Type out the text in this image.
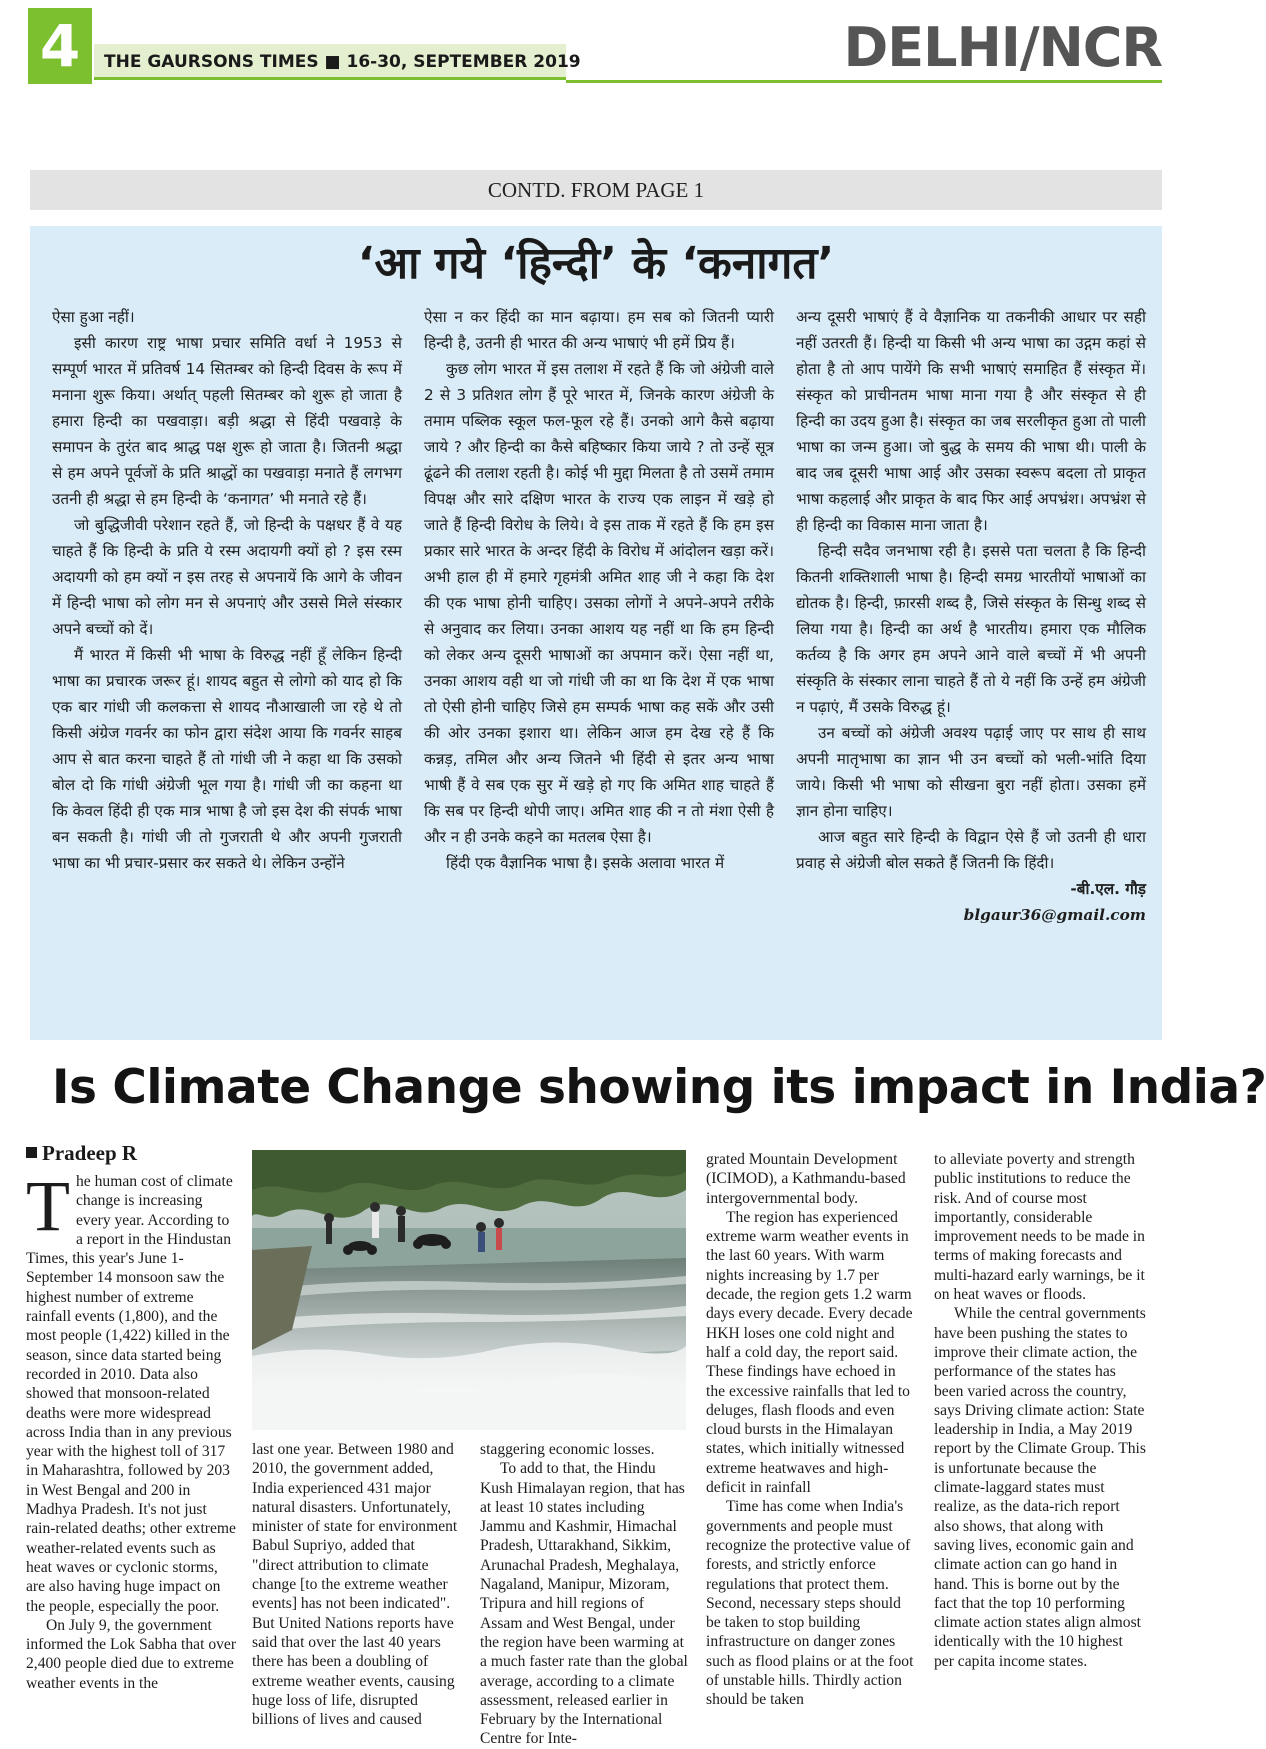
4	THE GAURSONS TIMES ■ 16-30, SEPTEMBER 2019	DELHI/NCR
CONTD. FROM PAGE 1
‘आ गये ‘हिन्दी’ के ‘कनागत’

ऐसा हुआ नहीं।

इसी कारण राष्ट्र भाषा प्रचार समिति वर्धा ने 1953 से सम्पूर्ण भारत में प्रतिवर्ष 14 सितम्बर को हिन्दी दिवस के रूप में मनाना शुरू किया। अर्थात् पहली सितम्बर को शुरू हो जाता है हमारा हिन्दी का पखवाड़ा। बड़ी श्रद्धा से हिंदी पखवाड़े के समापन के तुरंत बाद श्राद्ध पक्ष शुरू हो जाता है। जितनी श्रद्धा से हम अपने पूर्वजों के प्रति श्राद्धों का पखवाड़ा मनाते हैं लगभग उतनी ही श्रद्धा से हम हिन्दी के ‘कनागत’ भी मनाते रहे हैं।

जो बुद्धिजीवी परेशान रहते हैं, जो हिन्दी के पक्षधर हैं वे यह चाहते हैं कि हिन्दी के प्रति ये रस्म अदायगी क्यों हो ? इस रस्म अदायगी को हम क्यों न इस तरह से अपनायें कि आगे के जीवन में हिन्दी भाषा को लोग मन से अपनाएं और उससे मिले संस्कार अपने बच्चों को दें।

मैं भारत में किसी भी भाषा के विरुद्ध नहीं हूँ लेकिन हिन्दी भाषा का प्रचारक जरूर हूं। शायद बहुत से लोगो को याद हो कि एक बार गांधी जी कलकत्ता से शायद नौआखाली जा रहे थे तो किसी अंग्रेज गवर्नर का फोन द्वारा संदेश आया कि गवर्नर साहब आप से बात करना चाहते हैं तो गांधी जी ने कहा था कि उसको बोल दो कि गांधी अंग्रेजी भूल गया है। गांधी जी का कहना था कि केवल हिंदी ही एक मात्र भाषा है जो इस देश की संपर्क भाषा बन सकती है। गांधी जी तो गुजराती थे और अपनी गुजराती भाषा का भी प्रचार-प्रसार कर सकते थे। लेकिन उन्होंने

ऐसा न कर हिंदी का मान बढ़ाया। हम सब को जितनी प्यारी हिन्दी है, उतनी ही भारत की अन्य भाषाएं भी हमें प्रिय हैं।

कुछ लोग भारत में इस तलाश में रहते हैं कि जो अंग्रेजी वाले 2 से 3 प्रतिशत लोग हैं पूरे भारत में, जिनके कारण अंग्रेजी के तमाम पब्लिक स्कूल फल-फूल रहे हैं। उनको आगे कैसे बढ़ाया जाये ? और हिन्दी का कैसे बहिष्कार किया जाये ? तो उन्हें सूत्र ढूंढने की तलाश रहती है। कोई भी मुद्दा मिलता है तो उसमें तमाम विपक्ष और सारे दक्षिण भारत के राज्य एक लाइन में खड़े हो जाते हैं हिन्दी विरोध के लिये। वे इस ताक में रहते हैं कि हम इस प्रकार सारे भारत के अन्दर हिंदी के विरोध में आंदोलन खड़ा करें। अभी हाल ही में हमारे गृहमंत्री अमित शाह जी ने कहा कि देश की एक भाषा होनी चाहिए। उसका लोगों ने अपने-अपने तरीके से अनुवाद कर लिया। उनका आशय यह नहीं था कि हम हिन्दी को लेकर अन्य दूसरी भाषाओं का अपमान करें। ऐसा नहीं था, उनका आशय वही था जो गांधी जी का था कि देश में एक भाषा तो ऐसी होनी चाहिए जिसे हम सम्पर्क भाषा कह सकें और उसी की ओर उनका इशारा था। लेकिन आज हम देख रहे हैं कि कन्नड़, तमिल और अन्य जितने भी हिंदी से इतर अन्य भाषा भाषी हैं वे सब एक सुर में खड़े हो गए कि अमित शाह चाहते हैं कि सब पर हिन्दी थोपी जाए। अमित शाह की न तो मंशा ऐसी है और न ही उनके कहने का मतलब ऐसा है।

हिंदी एक वैज्ञानिक भाषा है। इसके अलावा भारत में

अन्य दूसरी भाषाएं हैं वे वैज्ञानिक या तकनीकी आधार पर सही नहीं उतरती हैं। हिन्दी या किसी भी अन्य भाषा का उद्गम कहां से होता है तो आप पायेंगे कि सभी भाषाएं समाहित हैं संस्कृत में। संस्कृत को प्राचीनतम भाषा माना गया है और संस्कृत से ही हिन्दी का उदय हुआ है। संस्कृत का जब सरलीकृत हुआ तो पाली भाषा का जन्म हुआ। जो बुद्ध के समय की भाषा थी। पाली के बाद जब दूसरी भाषा आई और उसका स्वरूप बदला तो प्राकृत भाषा कहलाई और प्राकृत के बाद फिर आई अपभ्रंश। अपभ्रंश से ही हिन्दी का विकास माना जाता है।

हिन्दी सदैव जनभाषा रही है। इससे पता चलता है कि हिन्दी कितनी शक्तिशाली भाषा है। हिन्दी समग्र भारतीयों भाषाओं का द्योतक है। हिन्दी, फ़ारसी शब्द है, जिसे संस्कृत के सिन्धु शब्द से लिया गया है। हिन्दी का अर्थ है भारतीय। हमारा एक मौलिक कर्तव्य है कि अगर हम अपने आने वाले बच्चों में भी अपनी संस्कृति के संस्कार लाना चाहते हैं तो ये नहीं कि उन्हें हम अंग्रेजी न पढ़ाएं, मैं उसके विरुद्ध हूं।

उन बच्चों को अंग्रेजी अवश्य पढ़ाई जाए पर साथ ही साथ अपनी मातृभाषा का ज्ञान भी उन बच्चों को भली-भांति दिया जाये। किसी भी भाषा को सीखना बुरा नहीं होता। उसका हमें ज्ञान होना चाहिए।

आज बहुत सारे हिन्दी के विद्वान ऐसे हैं जो उतनी ही धारा प्रवाह से अंग्रेजी बोल सकते हैं जितनी कि हिंदी।

-बी.एल. गौड़

blgaur36@gmail.com

Is Climate Change showing its impact in India?
Pradeep R
T he human cost of climate change is increasing every year. According to a report in the Hindustan Times, this year's June 1-September 14 monsoon saw the highest number of extreme rainfall events (1,800), and the most people (1,422) killed in the season, since data started being recorded in 2010. Data also showed that monsoon-related deaths were more widespread across India than in any previous year with the highest toll of 317 in Maharashtra, followed by 203 in West Bengal and 200 in Madhya Pradesh. It's not just rain-related deaths; other extreme weather-related events such as heat waves or cyclonic storms, are also having huge impact on the people, especially the poor.

On July 9, the government informed the Lok Sabha that over 2,400 people died due to extreme weather events in the

last one year. Between 1980 and 2010, the government added, India experienced 431 major natural disasters. Unfortunately, minister of state for environment Babul Supriyo, added that "direct attribution to climate change [to the extreme weather events] has not been indicated". But United Nations reports have said that over the last 40 years there has been a doubling of extreme weather events, causing huge loss of life, disrupted billions of lives and caused

staggering economic losses.

To add to that, the Hindu Kush Himalayan region, that has at least 10 states including Jammu and Kashmir, Himachal Pradesh, Uttarakhand, Sikkim, Arunachal Pradesh, Meghalaya, Nagaland, Manipur, Mizoram, Tripura and hill regions of Assam and West Bengal, under the region have been warming at a much faster rate than the global average, according to a climate assessment, released earlier in February by the International Centre for Inte-

grated Mountain Development (ICIMOD), a Kathmandu-based intergovernmental body.

The region has experienced extreme warm weather events in the last 60 years. With warm nights increasing by 1.7 per decade, the region gets 1.2 warm days every decade. Every decade HKH loses one cold night and half a cold day, the report said. These findings have echoed in the excessive rainfalls that led to deluges, flash floods and even cloud bursts in the Himalayan states, which initially witnessed extreme heatwaves and high-deficit in rainfall

Time has come when India's governments and people must recognize the protective value of forests, and strictly enforce regulations that protect them. Second, necessary steps should be taken to stop building infrastructure on danger zones such as flood plains or at the foot of unstable hills. Thirdly action should be taken

to alleviate poverty and strength public institutions to reduce the risk. And of course most importantly, considerable improvement needs to be made in terms of making forecasts and multi-hazard early warnings, be it on heat waves or floods.

While the central governments have been pushing the states to improve their climate action, the performance of the states has been varied across the country, says Driving climate action: State leadership in India, a May 2019 report by the Climate Group. This is unfortunate because the climate-laggard states must realize, as the data-rich report also shows, that along with saving lives, economic gain and climate action can go hand in hand. This is borne out by the fact that the top 10 performing climate action states align almost identically with the 10 highest per capita income states.
